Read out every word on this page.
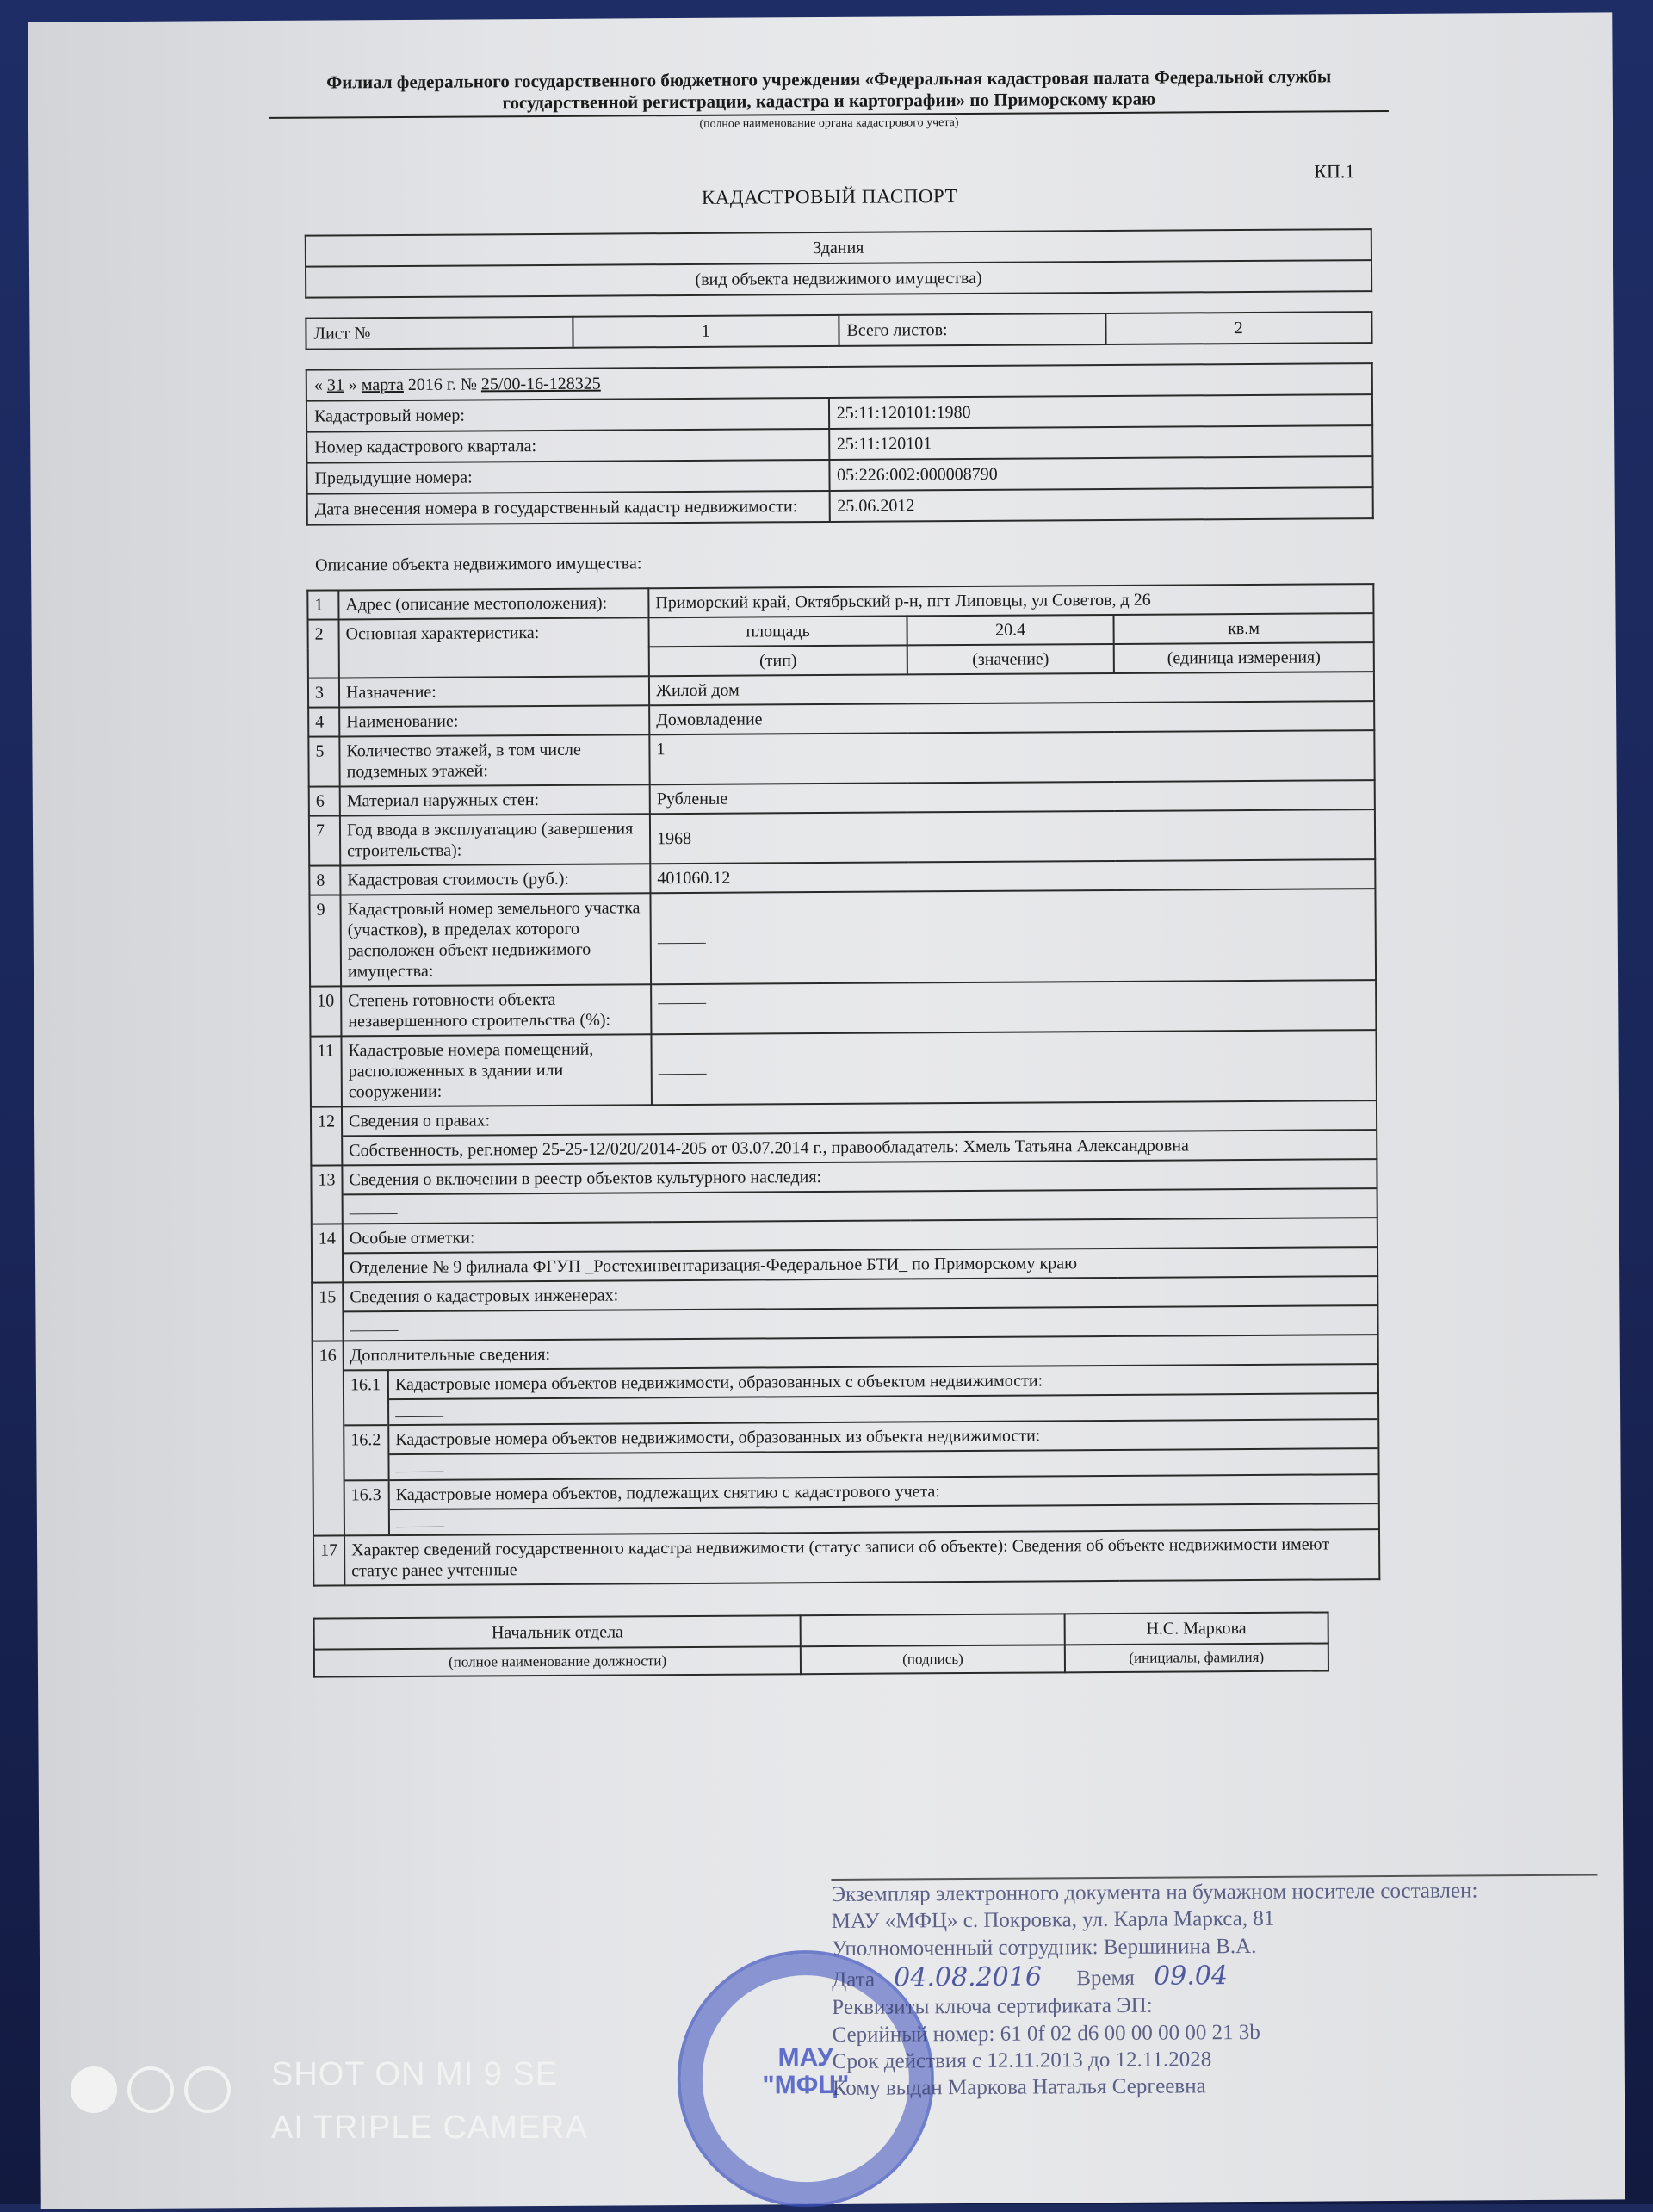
Филиал федерального государственного бюджетного учреждения «Федеральная кадастровая палата Федеральной службы государственной регистрации, кадастра и картографии» по Приморскому краю
(полное наименование органа кадастрового учета)
КП.1
КАДАСТРОВЫЙ ПАСПОРТ
Здания
(вид объекта недвижимого имущества)
Лист №	1	Всего листов:	2
« 31 » марта 2016 г. № 25/00-16-128325	
Кадастровый номер:	25:11:120101:1980
Номер кадастрового квартала:	25:11:120101
Предыдущие номера:	05:226:002:000008790
Дата внесения номера в государственный кадастр недвижимости:	25.06.2012
Описание объекта недвижимого имущества:
1	Адрес (описание местоположения):	Приморский край, Октябрьский р-н, пгт Липовцы, ул Советов, д 26
2	Основная характеристика:	площадь	20.4	кв.м
(тип)	(значение)	(единица измерения)
3	Назначение:	Жилой дом
4	Наименование:	Домовладение
5	Количество этажей, в том числе подземных этажей:	1
6	Материал наружных стен:	Рубленые
7	Год ввода в эксплуатацию (завершения строительства):	1968
8	Кадастровая стоимость (руб.):	401060.12
9	Кадастровый номер земельного участка (участков), в пределах которого расположен объект недвижимого имущества:	
10	Степень готовности объекта незавершенного строительства (%):	
11	Кадастровые номера помещений, расположенных в здании или сооружении:	
12	Сведения о правах:
Собственность, рег.номер 25-25-12/020/2014-205 от 03.07.2014 г., правообладатель: Хмель Татьяна Александровна

13	Сведения о включении в реестр объектов культурного наследия:

14	Особые отметки:
Отделение № 9 филиала ФГУП _Ростехинвентаризация-Федеральное БТИ_ по Приморскому краю

15	Сведения о кадастровых инженерах:

16	Дополнительные сведения:
16.1	Кадастровые номера объектов недвижимости, образованных с объектом недвижимости:

16.2	Кадастровые номера объектов недвижимости, образованных из объекта недвижимости:

16.3	Кадастровые номера объектов, подлежащих снятию с кадастрового учета:

17	Характер сведений государственного кадастра недвижимости (статус записи об объекте): Сведения об объекте недвижимости имеют статус ранее учтенные
Начальник отдела		Н.С. Маркова
(полное наименование должности)	(подпись)	(инициалы, фамилия)
МАУ
"МФЦ"
Экземпляр электронного документа на бумажном носителе составлен:
МАУ «МФЦ» с. Покровка, ул. Карла Маркса, 81
Уполномоченный сотрудник: Вершинина В.А.
Дата 04.08.2016 Время 09.04
Реквизиты ключа сертификата ЭП:
Серийный номер: 61 0f 02 d6 00 00 00 00 21 3b
Срок действия с 12.11.2013 до 12.11.2028
Кому выдан Маркова Наталья Сергеевна
SHOT ON MI 9 SE
AI TRIPLE CAMERA
